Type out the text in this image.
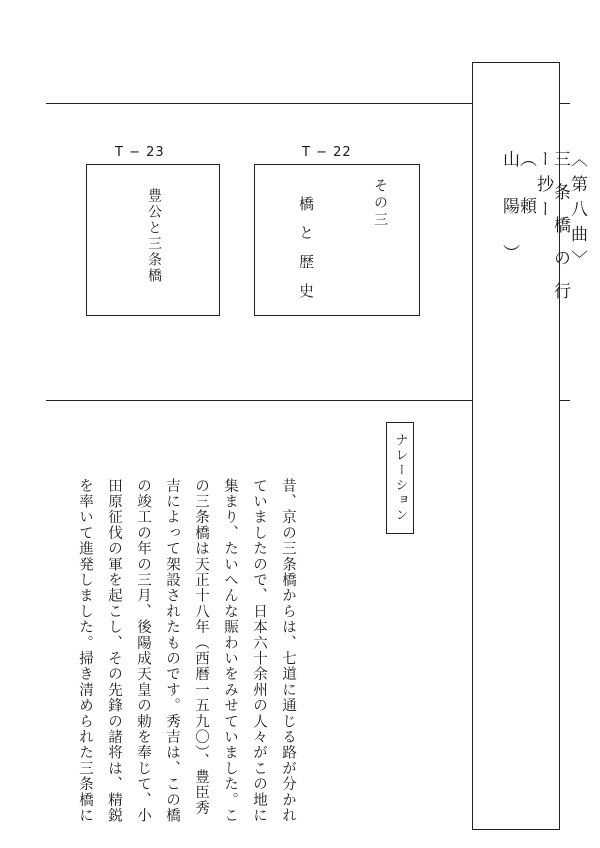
〈第八曲〉
三条橋の行
ー抄ー
（頼
山陽）
T − 22
その三
橋と歴史
T − 23
豊公と三条橋
ナレーション

昔、京の三条橋からは、七道に通じる路が分かれていましたので、日本六十余州の人々がこの地に集まり、たいへんな賑わいをみせていました。この三条橋は天正十八年（西暦一五九〇）、豊臣秀吉によって架設されたものです。秀吉は、この橋の竣工の年の三月、後陽成天皇の勅を奉じて、小田原征伐の軍を起こし、その先鋒の諸将は、精鋭を率いて進発しました。掃き清められた三条橋に
